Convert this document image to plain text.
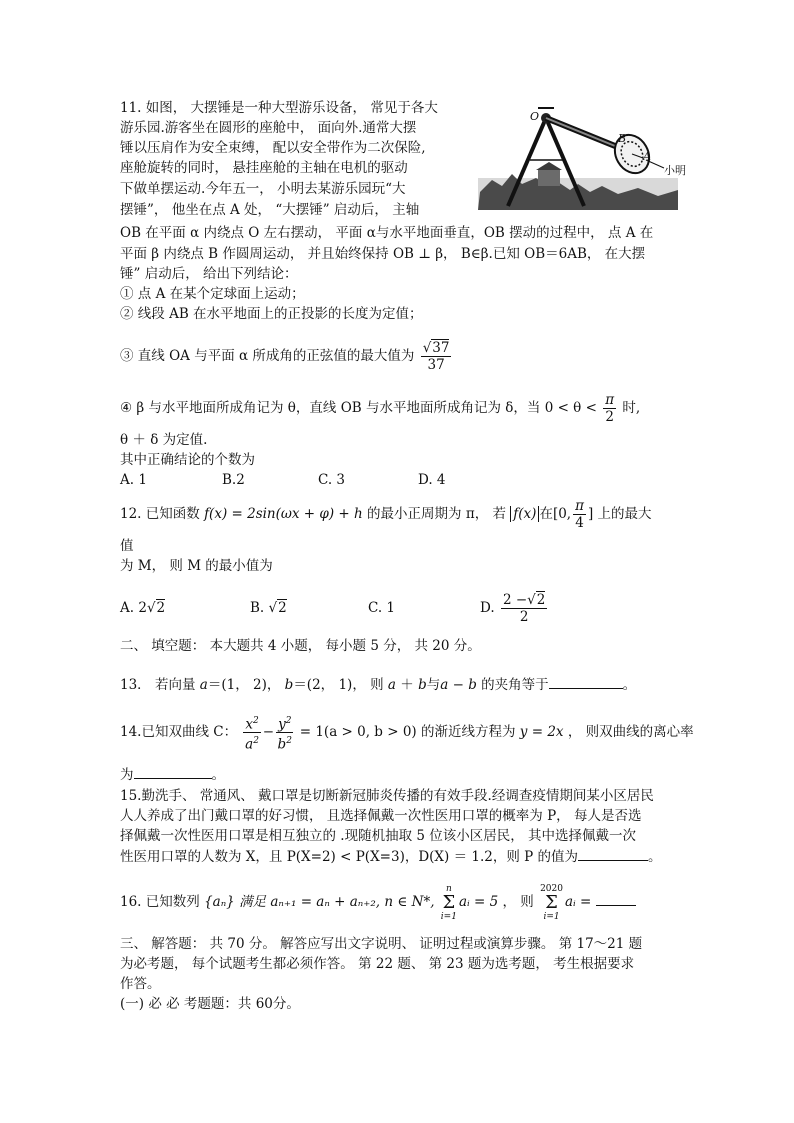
11. 如图， 大摆锤是一种大型游乐设备， 常见于各大
游乐园.游客坐在圆形的座舱中， 面向外.通常大摆
锤以压肩作为安全束缚， 配以安全带作为二次保险,
座舱旋转的同时， 悬挂座舱的主轴在电机的驱动
下做单摆运动.今年五一， 小明去某游乐园玩“大
摆锤”， 他坐在点 A 处， “大摆锤” 启动后， 主轴
O
B
A
小明
OB 在平面 α 内绕点 O 左右摆动， 平面 α与水平地面垂直，OB 摆动的过程中， 点 A 在
平面 β 内绕点 B 作圆周运动， 并且始终保持 OB ⊥ β， B∈β.已知 OB＝6AB， 在大摆
锤” 启动后， 给出下列结论：
① 点 A 在某个定球面上运动；
② 线段 AB 在水平地面上的正投影的长度为定值；
③ 直线 OA 与平面 α 所成角的正弦值的最大值为 $\frac{√37}{37}$
④ β 与水平地面所成角记为 θ，直线 OB 与水平地面所成角记为 δ，当 $0 < \theta < \frac{\pi}{2}$ 时,
θ ＋ δ 为定值.
其中正确结论的个数为
A. 1	B.2	C. 3	D. 4
12. 已知函数 f(x) = 2sin(ωx + φ) + h 的最小正周期为 π， 若 f(x) 在[0, $\frac{\pi}{4}$ ] 上的最大
值
为 M， 则 M 的最小值为
A. 2√2	B. √2	C. 1	D. $\frac{2 -√2}{2}$
二、 填空题： 本大题共 4 小题， 每小题 5 分， 共 20 分。
13． 若向量 a＝(1， 2)， b＝(2， 1)， 则 a ＋ b与a − b 的夹角等于	。
14.已知双曲线 C： $\frac{x^2}{a^2} - \frac{y^2}{b^2} = 1(a > 0$, b > 0) 的渐近线方程为 y = 2x ， 则双曲线的离心率
为	。
15.勤洗手、 常通风、 戴口罩是切断新冠肺炎传播的有效手段.经调查疫情期间某小区居民
人人养成了出门戴口罩的好习惯， 且选择佩戴一次性医用口罩的概率为 P， 每人是否选
择佩戴一次性医用口罩是相互独立的 .现随机抽取 5 位该小区居民， 其中选择佩戴一次
性医用口罩的人数为 X，且 P(X=2) < P(X=3)，D(X) ＝ 1.2，则 P 的值为	。
16. 已知数列 {aₙ} 满足 aₙ₊₁ = aₙ + aₙ₊₂, n ∈ N*,
n
Σ
i=1
aᵢ = 5 ， 则
2020
Σ
i=1
aᵢ =
三、 解答题： 共 70 分。 解答应写出文字说明、 证明过程或演算步骤。 第 17～21 题
为必考题， 每个试题考生都必须作答。 第 22 题、 第 23 题为选考题， 考生根据要求
作答。
(一) 必 必 考题题：共 60分。
